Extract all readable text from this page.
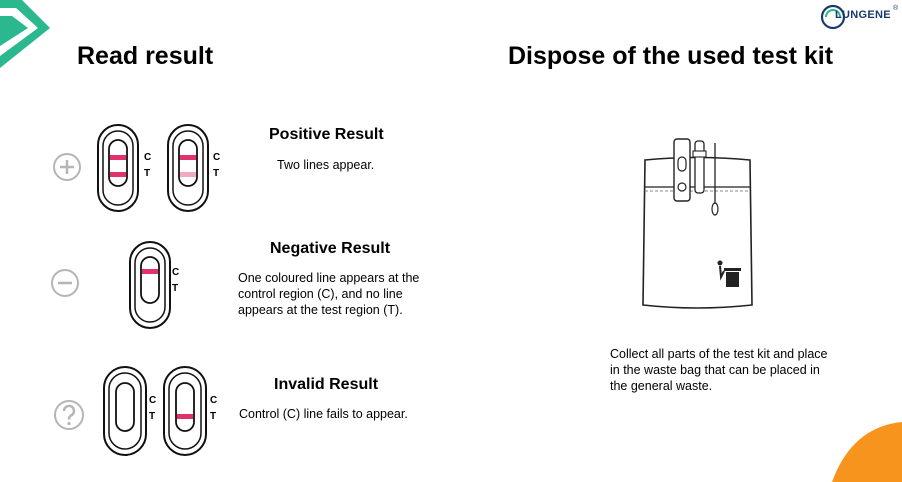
LUNGENE
®
Read result	Dispose of the used test kit
C
T
C
T
C
T
C
T
C
T
Positive Result
Two lines appear.
Negative Result
One coloured line appears at the control region (C), and no line appears at the test region (T).
Invalid Result
Control (C) line fails to appear.
Collect all parts of the test kit and place in the waste bag that can be placed in the general waste.
